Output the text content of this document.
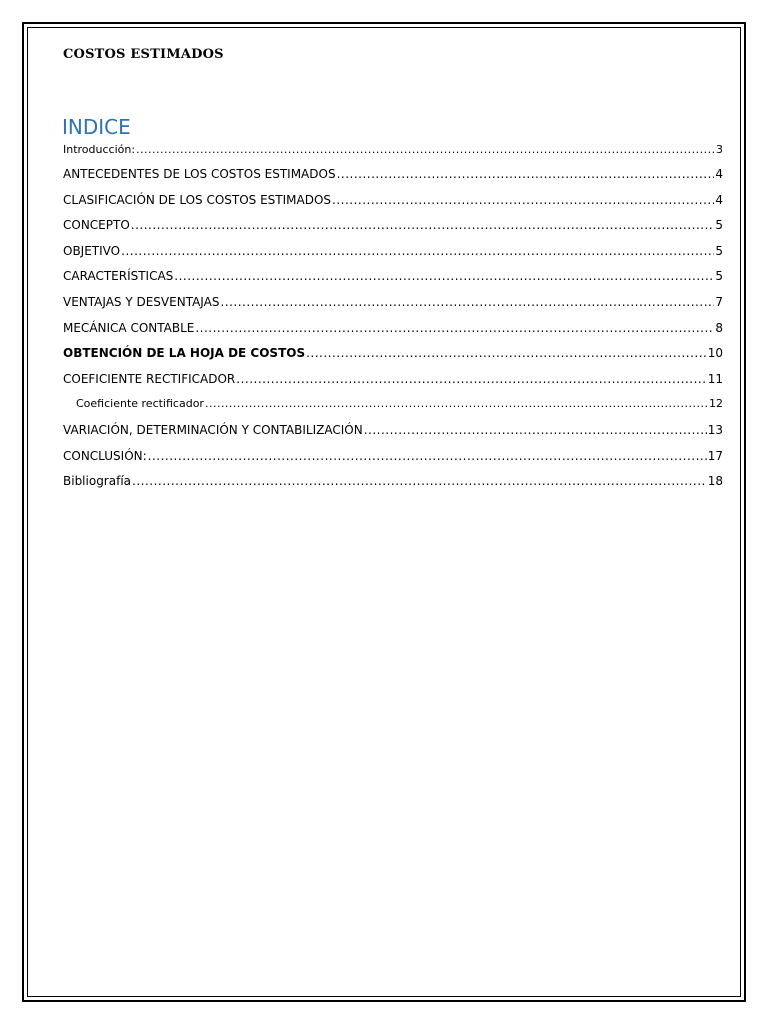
COSTOS ESTIMADOS
INDICE
Introducción: .....	3
ANTECEDENTES DE LOS COSTOS ESTIMADOS .....	4
CLASIFICACIÓN DE LOS COSTOS ESTIMADOS .....	4
CONCEPTO .....	5
OBJETIVO .....	5
CARACTERÍSTICAS .....	5
VENTAJAS Y DESVENTAJAS .....	7
MECÁNICA CONTABLE .....	8
OBTENCIÓN DE LA HOJA DE COSTOS .....	10
COEFICIENTE RECTIFICADOR .....	11
Coeficiente rectificador .....	12
VARIACIÓN, DETERMINACIÓN Y CONTABILIZACIÓN .....	13
CONCLUSIÓN: .....	17
Bibliografía .....	18
